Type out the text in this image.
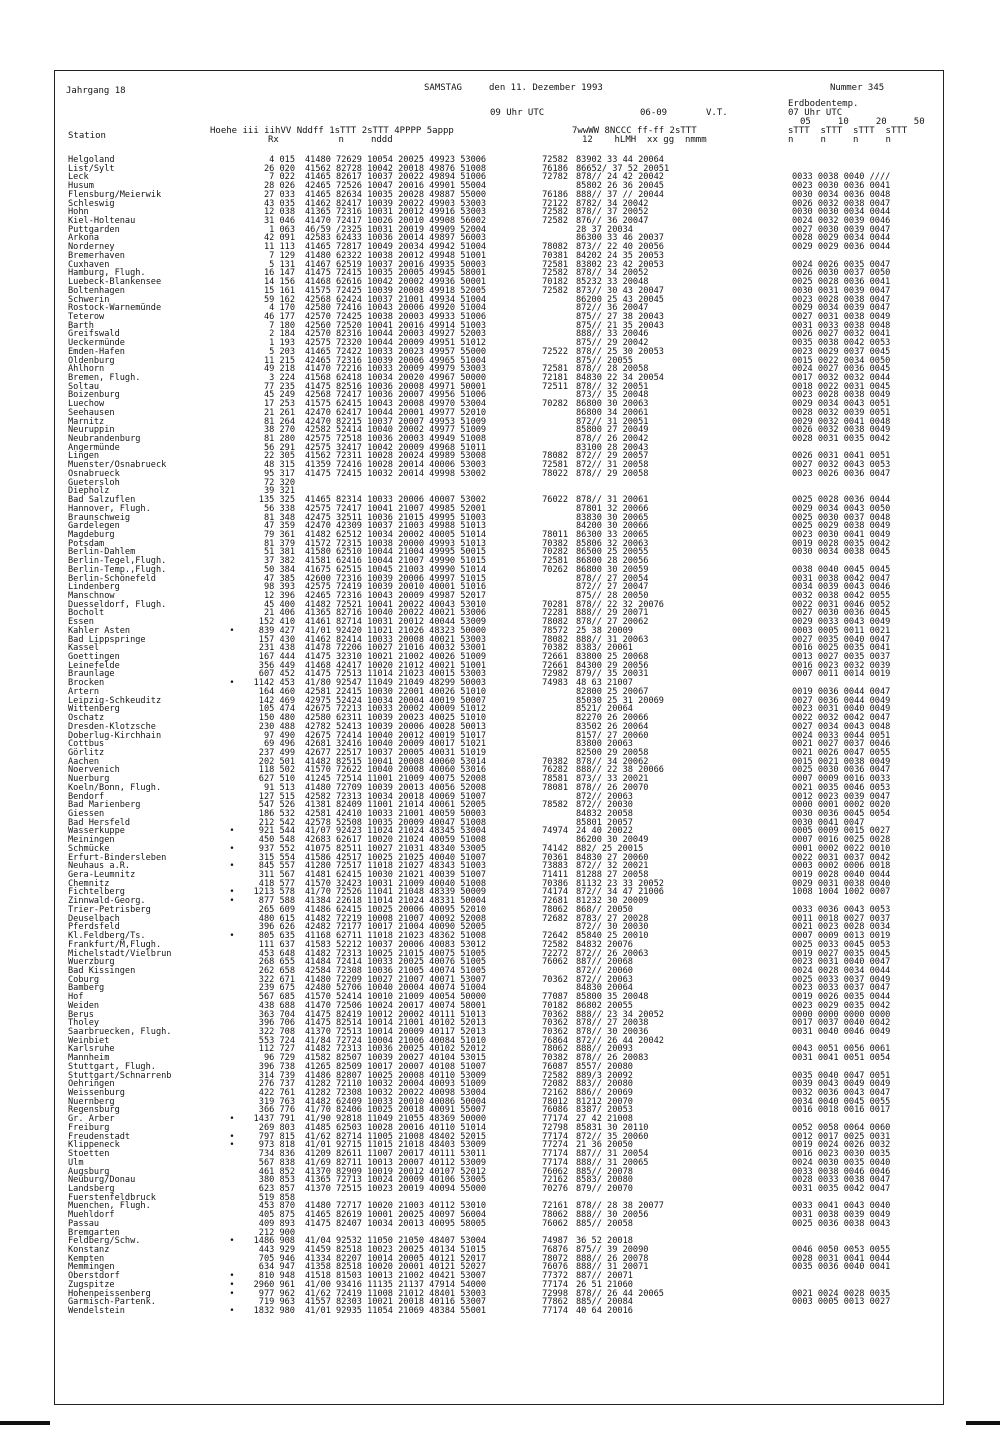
Jahrgang 18	SAMSTAG	den 11. Dezember 1993	Nummer 345
Erdbodentemp.
07 Uhr UTC
09 Uhr UTC	06-09	V.T.
05     10     20     50
Station	Hoehe iii iihVV Nddff 1sTTT 2sTTT 4PPPP 5appp
Rx           n     nddd
7wwWW 8NCCC ff-ff 2sTTT
12    hLMH  xx gg  nmmm
sTTT  sTTT  sTTT  sTTT
n     n     n     n
Helgoland	4 015 41480 72629 10054 20025 49923 53006	72582 83902 33 44 20064
List/Sylt	26 020 41562 82728 10042 20018 49876 51008	76186 86652/ 37 52 20051
Leck	7 022 41465 82617 10037 20022 49894 51006	72782 878// 24 42 20042	0033 0038 0040 ////
Husum	28 026 42465 72526 10047 20016 49901 55004	85802 26 36 20045	0023 0030 0036 0041
Flensburg/Meierwik	27 033 41465 82634 10035 20028 49887 55000	76186 888// 37 // 20044	0030 0034 0036 0048
Schleswig	43 035 41462 82417 10039 20022 49903 53003	72122 8782/ 34 20042	0026 0032 0038 0047
Hohn	12 038 41365 72316 10031 20012 49916 53003	72582 878// 37 20052	0030 0030 0034 0044
Kiel-Holtenau	31 046 41470 72417 10026 20010 49908 56002	72582 876// 36 20047	0024 0032 0039 0046
Puttgarden	1 063 46/59 /2325 10031 20019 49909 52004	28 37 20034	0027 0030 0039 0047
Arkona	42 091 42583 62433 10036 20014 49897 56003	86300 33 46 20037	0028 0029 0034 0044
Norderney	11 113 41465 72817 10049 20034 49942 51004	78082 873// 22 40 20056	0029 0029 0036 0044
Bremerhaven	7 129 41480 62322 10038 20012 49948 51001	70381 84202 24 35 20053
Cuxhaven	5 131 41467 62519 10037 20016 49935 50003	72581 83802 23 42 20053	0024 0026 0035 0047
Hamburg, Flugh.	16 147 41475 72415 10035 20005 49945 58001	72582 878// 34 20052	0026 0030 0037 0050
Luebeck-Blankensee	14 156 41468 62616 10042 20002 49936 50001	70182 85232 33 20048	0025 0028 0036 0041
Boltenhagen	15 161 41575 72425 10039 20008 49918 52005	72582 873// 30 43 20047	0030 0031 0039 0047
Schwerin	59 162 42568 62424 10037 21001 49934 51004	86200 25 43 20045	0023 0028 0038 0047
Rostock-Warnemünde	4 170 42580 72416 10043 20006 49920 51004	872// 36 20047	0029 0034 0039 0047
Teterow	46 177 42570 72425 10038 20003 49933 51006	875// 27 38 20043	0027 0031 0038 0049
Barth	7 180 42560 72520 10041 20016 49914 51003	875// 21 35 20043	0031 0033 0038 0048
Greifswald	2 184 42570 82316 10044 20003 49927 52003	888// 33 20046	0026 0027 0032 0041
Ueckermünde	1 193 42575 72320 10044 20009 49951 51012	875// 29 20042	0035 0038 0042 0053
Emden-Hafen	5 203 41465 72422 10033 20023 49957 55000	72522 878// 25 30 20053	0023 0029 0037 0045
Oldenburg	11 215 42465 72316 10039 20006 49965 51004	875// 20055	0015 0022 0034 0050
Ahlhorn	49 218 41470 72216 10033 20009 49979 53003	72581 878// 28 20058	0024 0027 0036 0045
Bremen, Flugh.	3 224 41568 62418 10034 20020 49967 50000	72181 84830 22 34 20054	0017 0032 0032 0044
Soltau	77 235 41475 82516 10036 20008 49971 50001	72511 878// 32 20051	0018 0022 0031 0045
Boizenburg	45 249 42568 72417 10036 20007 49956 51006	873// 35 20048	0023 0028 0038 0049
Luechow	17 253 41575 62415 10043 20008 49970 53004	70282 86800 30 20063	0029 0034 0043 0051
Seehausen	21 261 42470 62417 10044 20001 49977 52010	86800 34 20061	0028 0032 0039 0051
Marnitz	81 264 42470 82215 10037 20007 49953 51009	872// 31 20051	0029 0032 0041 0048
Neuruppin	38 270 42582 52414 10040 20002 49977 51009	85800 27 20049	0026 0032 0038 0049
Neubrandenburg	81 280 42575 72518 10036 20003 49949 51008	878// 26 20042	0028 0031 0035 0042
Angermünde	56 291 42575 32417 10042 20009 49968 51011	83100 28 20043
Lingen	22 305 41562 72311 10028 20024 49989 53008	78082 872// 29 20057	0026 0031 0041 0051
Muenster/Osnabrueck	48 315 41359 72416 10028 20014 40006 53003	72581 872// 31 20058	0027 0032 0043 0053
Osnabrueck	95 317 41475 72415 10032 20014 49998 53002	78022 878// 29 20058	0023 0026 0036 0047
Guetersloh	72 320
Diepholz	39 321
Bad Salzuflen	135 325 41465 82314 10033 20006 40007 53002	76022 878// 31 20061	0025 0028 0036 0044
Hannover, Flugh.	56 338 42575 72417 10041 21007 49985 52001	87801 32 20066	0029 0034 0043 0050
Braunschweig	81 348 42475 32511 10036 21015 49995 51003	83830 30 20065	0025 0030 0037 0048
Gardelegen	47 359 42470 42309 10037 21003 49988 51013	84200 30 20066	0025 0029 0038 0049
Magdeburg	79 361 41482 62512 10034 20002 40005 51014	78011 86300 33 20065	0023 0030 0041 0049
Potsdam	81 379 41572 72315 10038 20000 49993 51013	70382 85806 32 20063	0019 0028 0035 0042
Berlin-Dahlem	51 381 41580 62510 10044 21004 49995 50015	70282 86500 25 20055	0030 0034 0038 0045
Berlin-Tegel,Flugh.	37 382 41581 62416 10044 21007 49990 51015	72581 86800 28 20056
Berlin-Temp.,Flugh.	50 384 41675 62515 10045 21003 49990 51014	70262 86800 30 20059	0038 0040 0045 0045
Berlin-Schönefeld	47 385 42600 72316 10039 20006 49997 51015	878// 27 20054	0031 0038 0042 0047
Lindenberg	98 393 42575 72419 10039 20010 40001 51016	872// 27 20047	0034 0039 0043 0046
Manschnow	12 396 42465 72316 10043 20009 49987 52017	875// 28 20050	0032 0038 0042 0055
Duesseldorf, Flugh.	45 400 41482 72521 10041 20022 40043 53010	70281 878// 22 32 20076	0022 0031 0046 0052
Bocholt	21 406 41365 82716 10040 20022 40021 53006	72281 888// 29 20071	0027 0030 0036 0045
Essen	152 410 41461 82714 10031 20012 40044 53009	78082 878// 27 20062	0029 0033 0043 0049
Kahler Asten	•	839 427 41/01 92420 11021 21026 48323 50000	78572 25 38 20009	0003 0005 0011 0021
Bad Lippspringe	157 430 41462 82414 10033 20008 40021 53003	78082 888// 31 20063	0027 0035 0040 0047
Kassel	231 438 41478 72206 10027 21016 40032 53001	70382 8383/ 20061	0016 0025 0035 0041
Goettingen	167 444 41475 32310 10021 21002 40026 51009	72661 83800 25 20068	0013 0027 0035 0037
Leinefelde	356 449 41468 42417 10020 21012 40021 51001	72661 84300 29 20056	0016 0023 0032 0039
Braunlage	607 452 41475 72513 11014 21023 40015 53003	72982 879// 35 20031	0007 0011 0014 0019
Brocken	•	1142 453 41/80 92547 11049 21049 48299 50003	74983 48 63 21007
Artern	164 460 42581 22415 10030 22001 40026 51010	82800 25 20067	0019 0036 0044 0047
Leipzig-Schkeuditz	142 469 42975 52424 10034 20004 40019 50007	85030 25 31 20069	0027 0036 0044 0049
Wittenberg	105 474 42675 72213 10033 20002 40009 51012	8521/ 20064	0023 0031 0040 0049
Oschatz	150 480 42580 62311 10039 20023 40025 51010	82270 26 20066	0022 0032 0042 0047
Dresden-Klotzsche	230 488 42782 52413 10039 20006 40028 50013	83502 26 20064	0027 0034 0043 0048
Doberlug-Kirchhain	97 490 42675 72414 10040 20012 40019 51017	8157/ 27 20060	0024 0033 0044 0051
Cottbus	69 496 42681 32416 10040 20009 40017 51021	83800 20063	0021 0027 0037 0046
Görlitz	237 499 42677 22517 10037 20005 40031 51019	82500 29 20058	0021 0026 0047 0055
Aachen	202 501 41482 82515 10041 20008 40060 53014	70382 878// 34 20062	0015 0021 0038 0049
Noervenich	118 502 41570 72622 10040 20008 40060 53016	76282 888// 22 38 20066	0025 0030 0036 0047
Nuerburg	627 510 41245 72514 11001 21009 40075 52008	78581 873// 33 20021	0007 0009 0016 0033
Koeln/Bonn, Flugh.	91 513 41480 72709 10039 20013 40056 52008	78081 878// 26 20070	0021 0035 0046 0053
Bendorf	127 515 42582 72313 10034 20018 40069 51007	872// 20063	0012 0023 0039 0047
Bad Marienberg	547 526 41381 82409 11001 21014 40061 52005	78582 872// 20030	0000 0001 0002 0020
Giessen	186 532 42581 42410 10033 21001 40059 50003	84832 20058	0030 0036 0045 0054
Bad Hersfeld	212 542 42578 52508 10035 20009 40047 51008	85801 20057	0030 0041 0047
Wasserkuppe	•	921 544 41/07 92423 11024 21024 48345 53004	74974 24 40 20022	0005 0009 0015 0027
Meiningen	450 548 42683 62617 10020 21024 40059 51008	86200 30 20049	0007 0016 0025 0028
Schmücke	•	937 552 41075 82511 10027 21031 48340 53005	74142 882/ 25 20015	0001 0002 0022 0010
Erfurt-Bindersleben	315 554 41586 42517 10025 21025 40040 51007	70361 84830 27 20060	0022 0031 0037 0042
Neuhaus a.R.	•	845 557 41280 72517 11018 21027 48343 51003	73883 872// 32 20021	0003 0002 0006 0018
Gera-Leumnitz	311 567 41481 62415 10030 21021 40039 51007	71411 81288 27 20058	0019 0028 0040 0044
Chemnitz	418 577 41570 32423 10031 21009 40040 51008	70386 81132 23 33 20052	0029 0031 0038 0040
Fichtelberg	•	1213 578 41/70 72526 11041 21048 48339 50009	74174 872// 34 47 21006	1008 1004 1002 0007
Zinnwald-Georg.	•	877 588 41384 22618 11014 21024 48331 50004	72681 81232 30 20009
Trier-Petrisberg	265 609 41486 62415 10025 20006 40095 52010	78062 868// 20050	0033 0036 0043 0053
Deuselbach	480 615 41482 72219 10008 21007 40092 52008	72682 8783/ 27 20028	0011 0018 0027 0037
Pferdsfeld	396 626 42482 72177 10017 21004 40090 52005	872// 30 20030	0021 0023 0028 0034
Kl.Feldberg/Ts.	•	805 635 41168 62711 11018 21023 48362 51008	72642 85840 25 20010	0007 0009 0013 0019
Frankfurt/M,Flugh.	111 637 41583 52212 10037 20006 40083 53012	72582 84832 20076	0025 0033 0045 0053
Michelstadt/Vielbrun	453 648 41482 72313 10025 21015 40075 51005	72272 872// 26 20063	0019 0027 0035 0045
Wuerzburg	268 655 41484 72414 10033 20025 40076 51005	76062 887// 20068	0023 0031 0040 0047
Bad Kissingen	262 658 42584 72308 10036 21005 40074 51005	872// 20060	0024 0028 0034 0044
Coburg	322 671 41480 72209 10027 21007 40071 53007	70362 872// 20063	0025 0033 0037 0049
Bamberg	239 675 42480 52706 10040 20004 40074 51004	84830 20064	0023 0033 0037 0047
Hof	567 685 41570 52414 10010 21009 40054 50000	77087 85800 35 20048	0019 0026 0035 0044
Weiden	438 688 41470 72506 10024 20017 40074 58001	70182 86802 20055	0023 0029 0035 0042
Berus	363 704 41475 82419 10012 20002 40111 51013	70362 888// 23 34 20052	0000 0000 0000 0000
Tholey	396 706 41475 82514 10014 21001 40102 52013	70362 878// 27 20038	0017 0037 0040 0042
Saarbruecken, Flugh.	322 708 41370 72513 10014 20009 40117 52013	70362 878// 30 20036	0031 0040 0046 0049
Weinbiet	553 724 41/84 72724 10004 21006 40084 51010	76864 872// 26 44 20042
Karlsruhe	112 727 41482 72313 10036 20025 40102 52012	78062 888// 20093	0043 0051 0056 0061
Mannheim	96 729 41582 82507 10039 20027 40104 53015	70382 878// 26 20083	0031 0041 0051 0054
Stuttgart, Flugh.	396 738 41265 82509 10017 20007 40108 51007	76087 8557/ 20080
Stuttgart/Schnarrenb	314 739 41486 82807 10025 20008 40110 53009	72582 889/3 20092	0035 0040 0047 0051
Oehringen	276 737 41282 72110 10032 20004 40093 51009	72082 883// 20080	0039 0043 0049 0049
Weissenburg	422 761 41282 72308 10032 20022 40098 53004	72162 886// 20069	0032 0036 0043 0047
Nuernberg	319 763 41482 62409 10033 20010 40086 50004	78012 81212 20070	0034 0040 0045 0055
Regensburg	366 776 41/70 82406 10025 20018 40091 55007	76086 8387/ 20053	0016 0018 0016 0017
Gr. Arber	•	1437 791 41/90 92818 11049 21055 48369 50000	77174 27 42 21008
Freiburg	269 803 41485 62503 10028 20016 40110 51014	72798 85831 30 20110	0052 0058 0064 0060
Freudenstadt	•	797 815 41/62 82714 11005 21008 48402 52015	77174 872// 35 20060	0012 0017 0025 0031
Klippeneck	•	973 818 41/01 92715 11015 21018 48403 53009	77274 21 36 20050	0019 0024 0026 0032
Stoetten	734 836 41209 82611 11007 20017 40111 53011	77174 887// 31 20054	0016 0023 0030 0035
Ulm	567 838 41/69 82711 10013 20007 40112 53009	77174 888// 31 20065	0024 0030 0035 0040
Augsburg	461 852 41370 82909 10019 20012 40107 52012	76062 885// 20078	0033 0038 0046 0046
Neuburg/Donau	380 853 41365 72713 10024 20009 40106 53005	72162 8583/ 20080	0028 0033 0038 0047
Landsberg	623 857 41370 72515 10023 20019 40094 55000	70276 879// 20070	0031 0035 0042 0047
Fuerstenfeldbruck	519 858
Muenchen, Flugh.	453 870 41480 72717 10020 21003 40112 53010	72161 878// 28 38 20077	0033 0041 0043 0040
Muehldorf	405 875 41465 82619 10001 20025 40097 56004	78062 888// 30 20056	0031 0038 0039 0049
Passau	409 893 41475 82407 10034 20013 40095 58005	76062 885// 20058	0025 0036 0038 0043
Bremgarten	212 900
Feldberg/Schw.	•	1486 908 41/04 92532 11050 21050 48407 53004	74987 36 52 20018
Konstanz	443 929 41459 82518 10023 20025 40134 51015	76876 875// 39 20090	0046 0050 0053 0055
Kempten	705 946 41334 82207 10014 20005 40121 52017	78072 888// 26 20078	0028 0031 0041 0044
Memmingen	634 947 41358 82518 10020 20001 40121 52027	76076 888// 31 20071	0035 0036 0040 0041
Oberstdorf	•	810 948 41518 81503 10013 21002 40421 53007	77372 887// 20071
Zugspitze	•	2960 961 41/00 93416 11135 21137 47914 54000	77174 26 51 21060
Hohenpeissenberg	•	977 962 41/62 72419 11008 21012 48401 53003	72998 878// 26 44 20065	0021 0024 0028 0035
Garmisch-Partenk.	719 963 41557 82303 10021 20018 40116 53007	77862 885// 20084	0003 0005 0013 0027
Wendelstein	•	1832 980 41/01 92935 11054 21069 48384 55001	77174 40 64 20016
